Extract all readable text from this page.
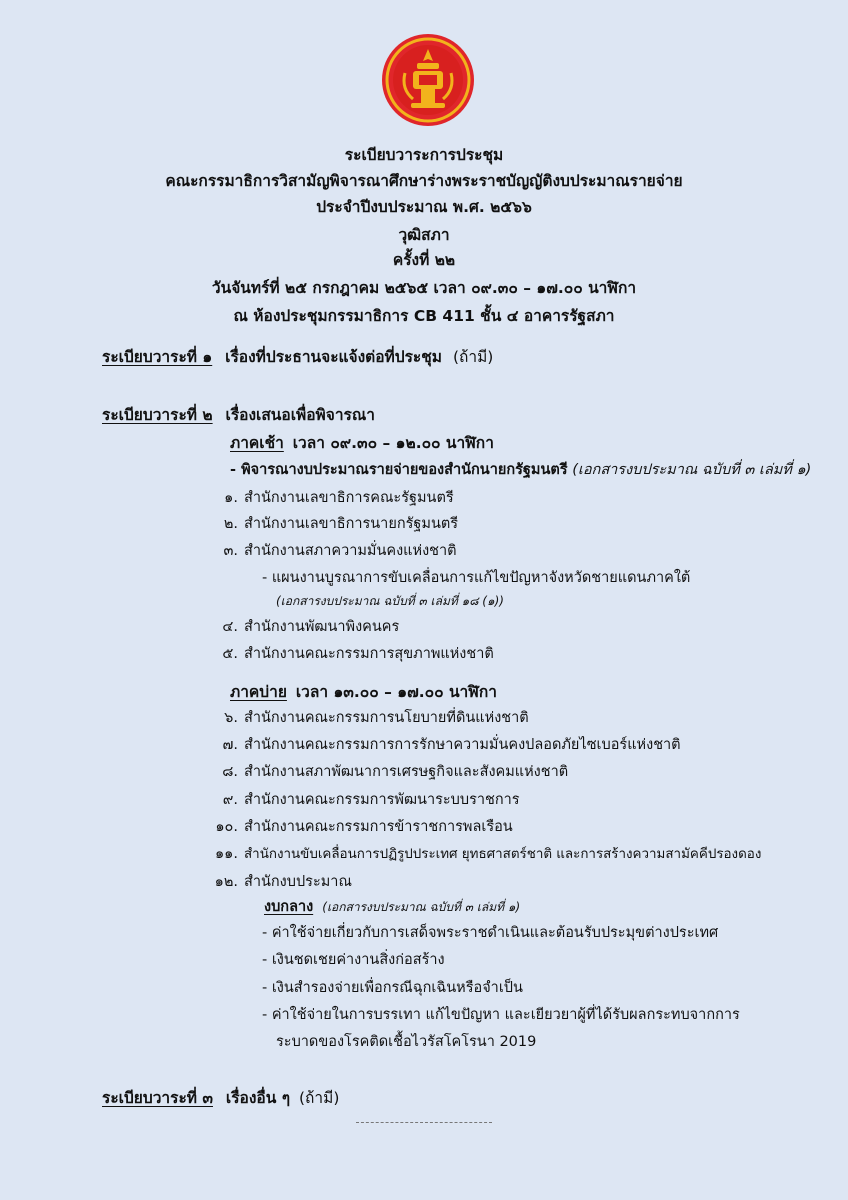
ระเบียบวาระการประชุม
คณะกรรมาธิการวิสามัญพิจารณาศึกษาร่างพระราชบัญญัติงบประมาณรายจ่าย
ประจำปีงบประมาณ พ.ศ. ๒๕๖๖
วุฒิสภา
ครั้งที่ ๒๒
วันจันทร์ที่ ๒๕ กรกฎาคม ๒๕๖๕ เวลา ๐๙.๓๐ – ๑๗.๐๐ นาฬิกา
ณ ห้องประชุมกรรมาธิการ CB 411 ชั้น ๔ อาคารรัฐสภา
ระเบียบวาระที่ ๑ เรื่องที่ประธานจะแจ้งต่อที่ประชุม (ถ้ามี)
ระเบียบวาระที่ ๒ เรื่องเสนอเพื่อพิจารณา
ภาคเช้า เวลา ๐๙.๓๐ – ๑๒.๐๐ นาฬิกา
- พิจารณางบประมาณรายจ่ายของสำนักนายกรัฐมนตรี (เอกสารงบประมาณ ฉบับที่ ๓ เล่มที่ ๑)
๑. สำนักงานเลขาธิการคณะรัฐมนตรี
๒. สำนักงานเลขาธิการนายกรัฐมนตรี
๓. สำนักงานสภาความมั่นคงแห่งชาติ
- แผนงานบูรณาการขับเคลื่อนการแก้ไขปัญหาจังหวัดชายแดนภาคใต้
(เอกสารงบประมาณ ฉบับที่ ๓ เล่มที่ ๑๘ (๑))
๔. สำนักงานพัฒนาพิงคนคร
๕. สำนักงานคณะกรรมการสุขภาพแห่งชาติ
ภาคบ่าย เวลา ๑๓.๐๐ – ๑๗.๐๐ นาฬิกา
๖. สำนักงานคณะกรรมการนโยบายที่ดินแห่งชาติ
๗. สำนักงานคณะกรรมการการรักษาความมั่นคงปลอดภัยไซเบอร์แห่งชาติ
๘. สำนักงานสภาพัฒนาการเศรษฐกิจและสังคมแห่งชาติ
๙. สำนักงานคณะกรรมการพัฒนาระบบราชการ
๑๐. สำนักงานคณะกรรมการข้าราชการพลเรือน
๑๑. สำนักงานขับเคลื่อนการปฏิรูปประเทศ ยุทธศาสตร์ชาติ และการสร้างความสามัคคีปรองดอง
๑๒. สำนักงบประมาณ
งบกลาง (เอกสารงบประมาณ ฉบับที่ ๓ เล่มที่ ๑)
- ค่าใช้จ่ายเกี่ยวกับการเสด็จพระราชดำเนินและต้อนรับประมุขต่างประเทศ
- เงินชดเชยค่างานสิ่งก่อสร้าง
- เงินสำรองจ่ายเพื่อกรณีฉุกเฉินหรือจำเป็น
- ค่าใช้จ่ายในการบรรเทา แก้ไขปัญหา และเยียวยาผู้ที่ได้รับผลกระทบจากการ
ระบาดของโรคติดเชื้อไวรัสโคโรนา 2019
ระเบียบวาระที่ ๓ เรื่องอื่น ๆ (ถ้ามี)
